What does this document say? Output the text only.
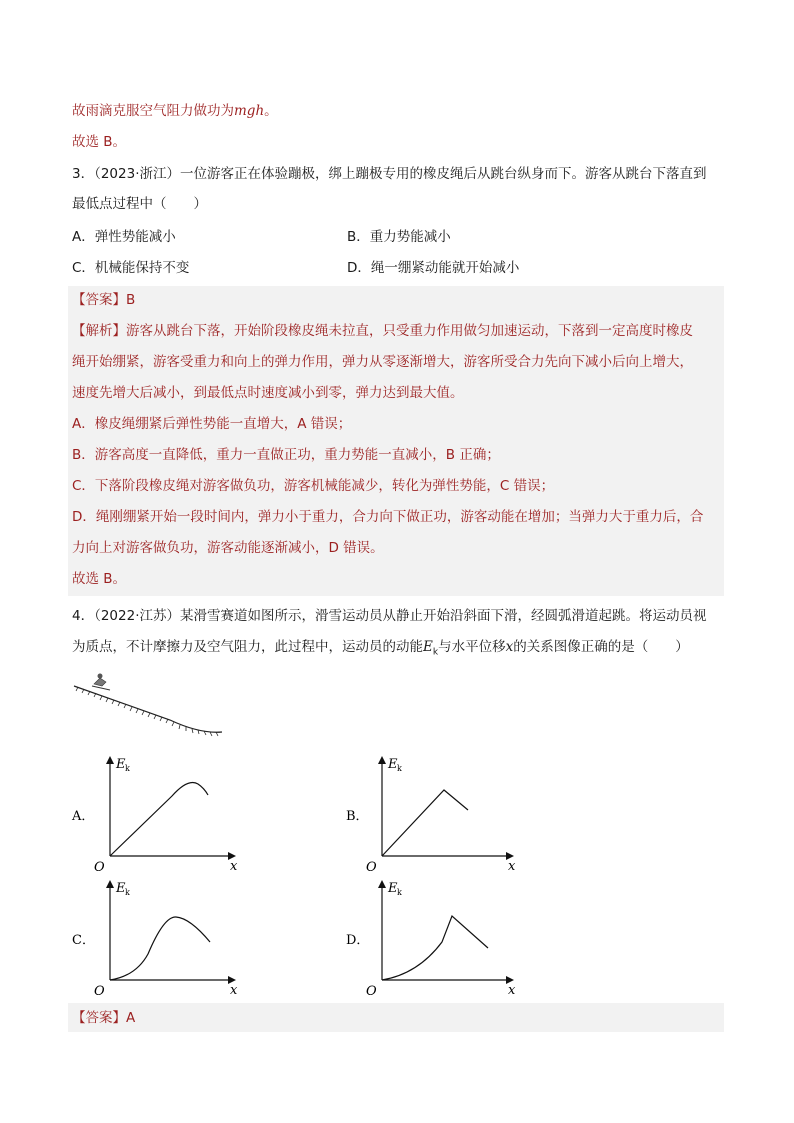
故雨滴克服空气阻力做功为mgh。
故选 B。
3．（2023·浙江）一位游客正在体验蹦极，绑上蹦极专用的橡皮绳后从跳台纵身而下。游客从跳台下落直到
最低点过程中（　　）
A．弹性势能减小	B．重力势能减小
C．机械能保持不变	D．绳一绷紧动能就开始减小
【答案】B
【解析】游客从跳台下落，开始阶段橡皮绳未拉直，只受重力作用做匀加速运动，下落到一定高度时橡皮
绳开始绷紧，游客受重力和向上的弹力作用，弹力从零逐渐增大，游客所受合力先向下减小后向上增大，
速度先增大后减小，到最低点时速度减小到零，弹力达到最大值。
A．橡皮绳绷紧后弹性势能一直增大，A 错误；
B．游客高度一直降低，重力一直做正功，重力势能一直减小，B 正确；
C．下落阶段橡皮绳对游客做负功，游客机械能减少，转化为弹性势能，C 错误；
D．绳刚绷紧开始一段时间内，弹力小于重力，合力向下做正功，游客动能在增加；当弹力大于重力后，合
力向上对游客做负功，游客动能逐渐减小，D 错误。
故选 B。
4．（2022·江苏）某滑雪赛道如图所示，滑雪运动员从静止开始沿斜面下滑，经圆弧滑道起跳。将运动员视
为质点，不计摩擦力及空气阻力，此过程中，运动员的动能$E_k$与水平位移x的关系图像正确的是（　　）
A．
E k
O	x
B．
E k
O	x
C．
E k
O	x
D．
E k
O	x
【答案】A
